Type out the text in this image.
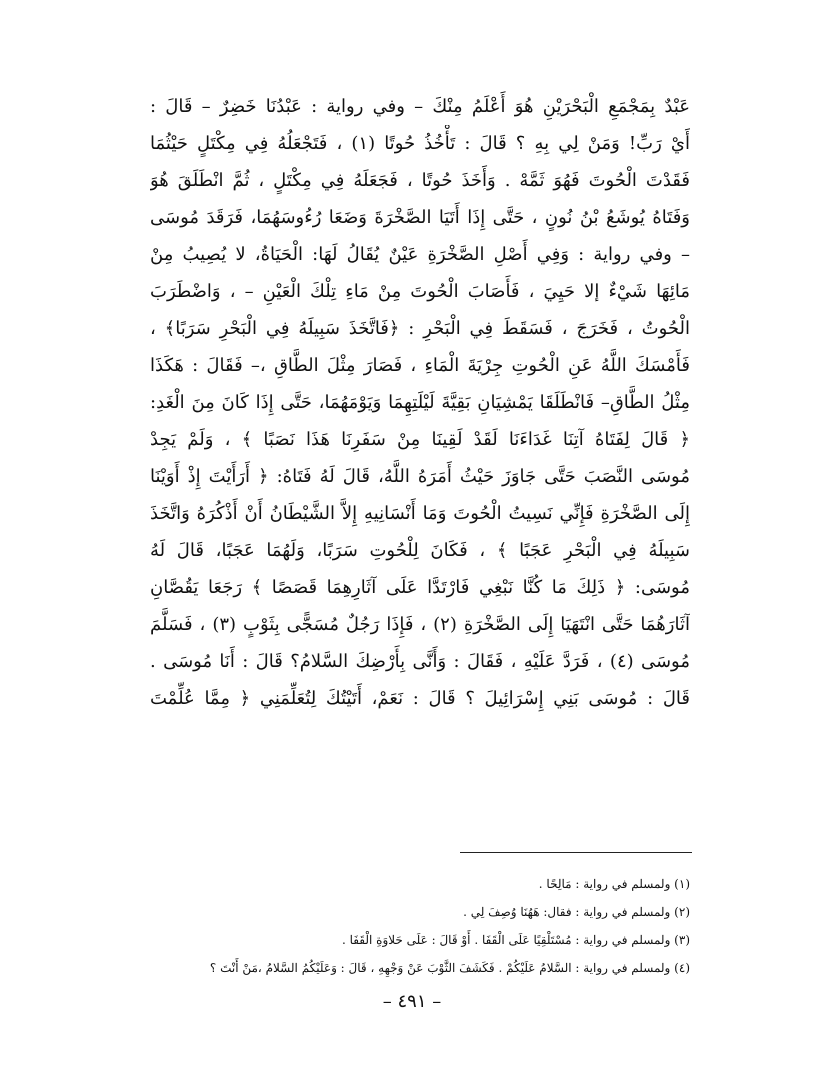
عَبْدٌ بِمَجْمَعِ الْبَحْرَيْنِ هُوَ أَعْلَمُ مِنْكَ – وفي رواية : عَبْدُنَا خَضِرٌ – قَالَ :
أَيْ رَبِّ! وَمَنْ لِي بِهِ ؟ قَالَ : تَأْخُذُ حُوتًا (١) ، فَتَجْعَلُهُ فِي مِكْتَلٍ حَيْثُمَا
فَقَدْتَ الْحُوتَ فَهُوَ ثَمَّهْ . وَأَخَذَ حُوتًا ، فَجَعَلَهُ فِي مِكْتَلٍ ، ثُمَّ انْطَلَقَ هُوَ
وَفَتَاهُ يُوشَعُ بْنُ نُونٍ ، حَتَّى إِذَا أَتَيَا الصَّخْرَةَ وَضَعَا رُءُوسَهُمَا، فَرَقَدَ مُوسَى
– وفي رواية : وَفِي أَصْلِ الصَّخْرَةِ عَيْنٌ يُقَالُ لَهَا: الْحَيَاةُ، لا يُصِيبُ مِنْ
مَائِهَا شَيْءٌ إلا حَيِيَ ، فَأَصَابَ الْحُوتَ مِنْ مَاءِ تِلْكَ الْعَيْنِ – ، وَاضْطَرَبَ
الْحُوتُ ، فَخَرَجَ ، فَسَقَطَ فِي الْبَحْرِ : ﴿فَاتَّخَذَ سَبِيلَهُ فِي الْبَحْرِ سَرَبًا﴾ ،
فَأَمْسَكَ اللَّهُ عَنِ الْحُوتِ جِرْيَةَ الْمَاءِ ، فَصَارَ مِثْلَ الطَّاقِ ،– فَقَالَ : هَكَذَا
مِثْلُ الطَّاقِ– فَانْطَلَقَا يَمْشِيَانِ بَقِيَّةَ لَيْلَتِهِمَا وَيَوْمَهُمَا، حَتَّى إِذَا كَانَ مِنَ الْغَدِ:
﴿ قَالَ لِفَتَاهُ آتِنَا غَدَاءَنَا لَقَدْ لَقِينَا مِنْ سَفَرِنَا هَذَا نَصَبًا ﴾ ، وَلَمْ يَجِدْ
مُوسَى النَّصَبَ حَتَّى جَاوَزَ حَيْثُ أَمَرَهُ اللَّهُ، قَالَ لَهُ فَتَاهُ: ﴿ أَرَأَيْتَ إِذْ أَوَيْنَا
إِلَى الصَّخْرَةِ فَإِنِّي نَسِيتُ الْحُوتَ وَمَا أَنْسَانِيهِ إِلاَّ الشَّيْطَانُ أَنْ أَذْكُرَهُ وَاتَّخَذَ
سَبِيلَهُ فِي الْبَحْرِ عَجَبًا ﴾ ، فَكَانَ لِلْحُوتِ سَرَبًا، وَلَهُمَا عَجَبًا، قَالَ لَهُ
مُوسَى: ﴿ ذَلِكَ مَا كُنَّا نَبْغِي فَارْتَدَّا عَلَى آثَارِهِمَا قَصَصًا ﴾ رَجَعَا يَقُصَّانِ
آثَارَهُمَا حَتَّى انْتَهَيَا إِلَى الصَّخْرَةِ (٢) ، فَإِذَا رَجُلٌ مُسَجًّى بِثَوْبٍ (٣) ، فَسَلَّمَ
مُوسَى (٤) ، فَرَدَّ عَلَيْهِ ، فَقَالَ : وَأَنَّى بِأَرْضِكَ السَّلامُ؟ قَالَ : أَنَا مُوسَى .
قَالَ : مُوسَى بَنِي إِسْرَائِيلَ ؟ قَالَ : نَعَمْ، أَتَيْتُكَ لِتُعَلِّمَنِي ﴿ مِمَّا عُلِّمْتَ
(١) ولمسلم في رواية : مَالِحًا .
(٢) ولمسلم في رواية : فقال: هَهُنَا وُصِفَ لِي .
(٣) ولمسلم في رواية : مُسْتَلْقِيًا عَلَى الْقَفَا . أَوْ قَالَ : عَلَى حَلاوَةِ الْقَفَا .
(٤) ولمسلم في رواية : السَّلامُ عَلَيْكُمْ . فَكَشَفَ الثَّوْبَ عَنْ وَجْهِهِ ، قَالَ : وَعَلَيْكُمُ السَّلامُ ،مَنْ أَنْتَ ؟
– ٤٩١ –
